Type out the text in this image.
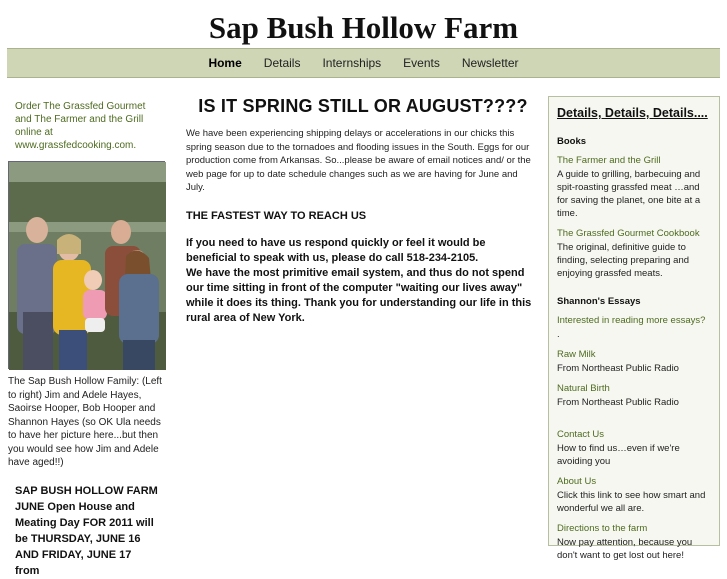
Sap Bush Hollow Farm
Home	Details	Internships	Events	Newsletter
Order The Grassfed Gourmet and The Farmer and the Grill online at www.grassfedcooking.com.
The Sap Bush Hollow Family: (Left to right) Jim and Adele Hayes, Saoirse Hooper, Bob Hooper and Shannon Hayes (so OK Ula needs to have her picture here...but then you would see how Jim and Adele have aged!!)
SAP BUSH HOLLOW FARM JUNE Open House and Meating Day FOR 2011 will be THURSDAY, JUNE 16 AND FRIDAY, JUNE 17 from
IS IT SPRING STILL OR AUGUST????
We have been experiencing shipping delays or accelerations in our chicks this spring season due to the tornadoes and flooding issues in the South. Eggs for our production come from Arkansas. So...please be aware of email notices and/ or the web page for up to date schedule changes such as we are having for June and July.
THE FASTEST WAY TO REACH US
If you need to have us respond quickly or feel it would be beneficial to speak with us, please do call 518-234-2105.
We have the most primitive email system, and thus do not spend our time sitting in front of the computer "waiting our lives away" while it does its thing. Thank you for understanding our life in this rural area of New York.
Details, Details, Details....
Books
The Farmer and the Grill
A guide to grilling, barbecuing and spit-roasting grassfed meat …and for saving the planet, one bite at a time.
The Grassfed Gourmet Cookbook
The original, definitive guide to finding, selecting preparing and enjoying grassfed meats.
Shannon's Essays
Interested in reading more essays?
.
Raw Milk
From Northeast Public Radio
Natural Birth
From Northeast Public Radio
Contact Us
How to find us…even if we're avoiding you
About Us
Click this link to see how smart and wonderful we all are.
Directions to the farm
Now pay attention, because you don't want to get lost out here!
